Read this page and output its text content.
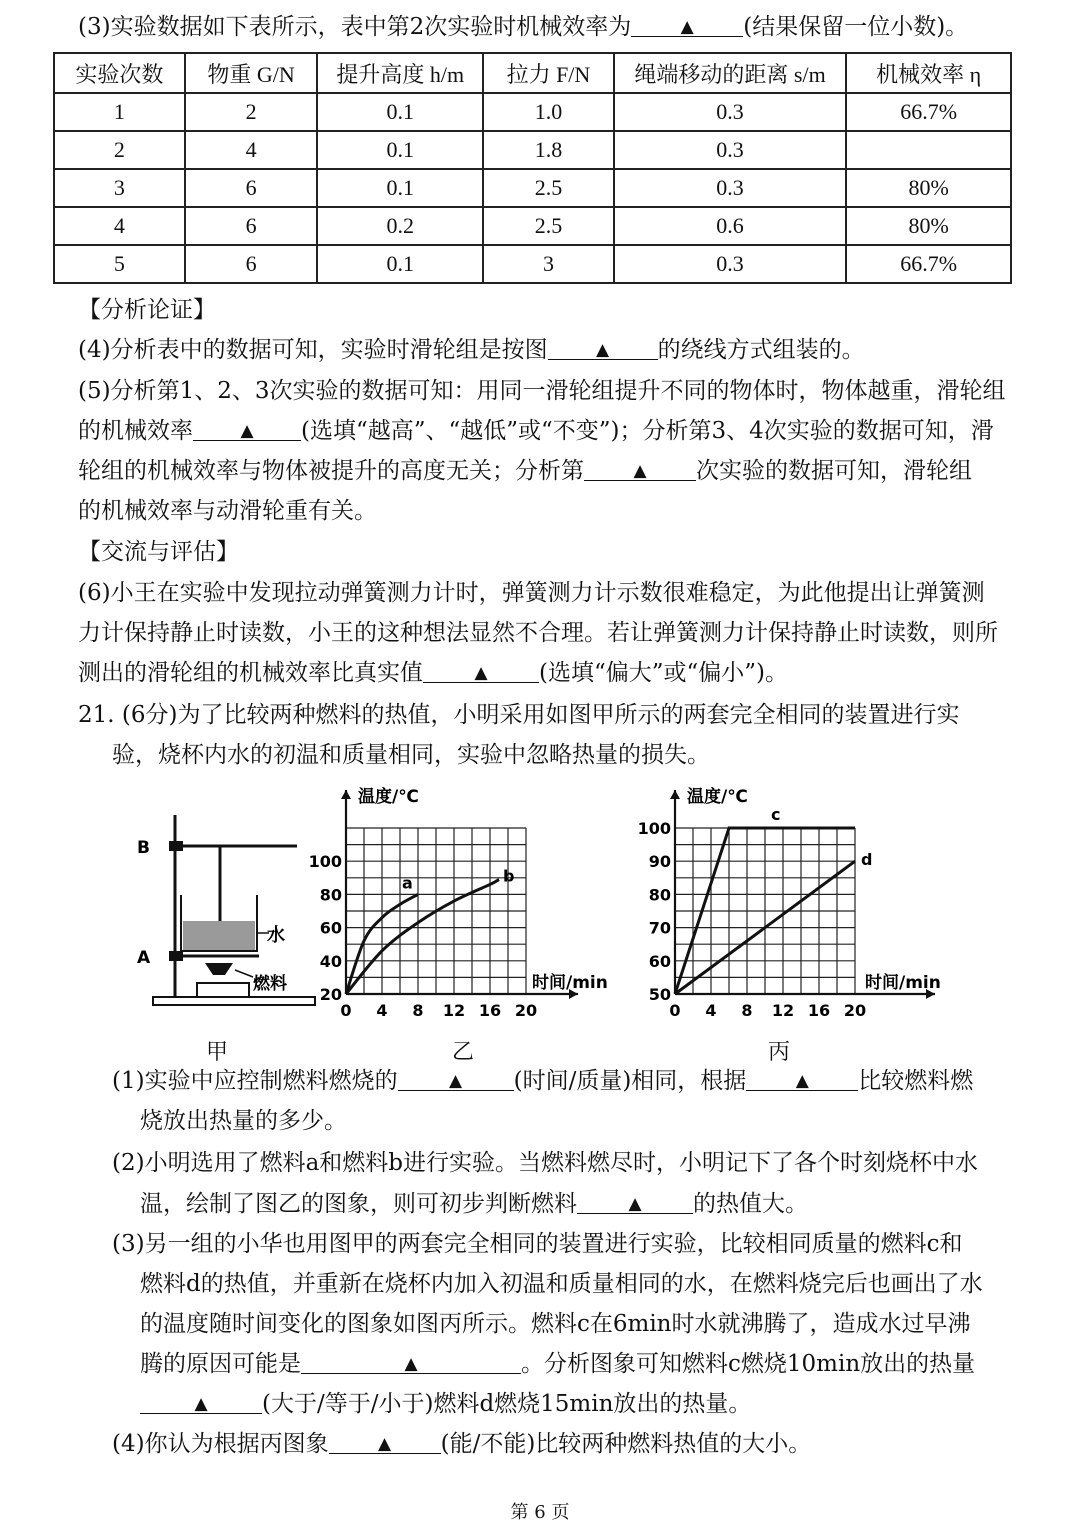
(3)实验数据如下表所示，表中第2次实验时机械效率为	▲ (结果保留一位小数)。
实验次数	物重 G/N	提升高度 h/m	拉力 F/N	绳端移动的距离 s/m	机械效率 η
1	2	0.1	1.0	0.3	66.7%
2	4	0.1	1.8	0.3	
3	6	0.1	2.5	0.3	80%
4	6	0.2	2.5	0.6	80%
5	6	0.1	3	0.3	66.7%
【分析论证】
(4)分析表中的数据可知，实验时滑轮组是按图	▲ 的绕线方式组装的。
(5)分析第1、2、3次实验的数据可知：用同一滑轮组提升不同的物体时，物体越重，滑轮组
的机械效率	▲ (选填“越高”、“越低”或“不变”)；分析第3、4次实验的数据可知，滑
轮组的机械效率与物体被提升的高度无关；分析第	▲ 次实验的数据可知，滑轮组
的机械效率与动滑轮重有关。
【交流与评估】
(6)小王在实验中发现拉动弹簧测力计时，弹簧测力计示数很难稳定，为此他提出让弹簧测
力计保持静止时读数，小王的这种想法显然不合理。若让弹簧测力计保持静止时读数，则所
测出的滑轮组的机械效率比真实值	▲ (选填“偏大”或“偏小”)。
21. (6分)为了比较两种燃料的热值，小明采用如图甲所示的两套完全相同的装置进行实
验，烧杯内水的初温和质量相同，实验中忽略热量的损失。
B
水
A
燃料
甲
温度/℃
时间/min
0 4 8 12 16 20
20
40
60
80
100
a	b
乙
温度/℃
时间/min
0 4 8 12 16 20
50
60
70
80
90
100
c
d
丙
(1)实验中应控制燃料燃烧的	▲ (时间/质量)相同，根据	▲ 比较燃料燃
烧放出热量的多少。
(2)小明选用了燃料a和燃料b进行实验。当燃料燃尽时，小明记下了各个时刻烧杯中水
温，绘制了图乙的图象，则可初步判断燃料	▲ 的热值大。
(3)另一组的小华也用图甲的两套完全相同的装置进行实验，比较相同质量的燃料c和
燃料d的热值，并重新在烧杯内加入初温和质量相同的水，在燃料烧完后也画出了水
的温度随时间变化的图象如图丙所示。燃料c在6min时水就沸腾了，造成水过早沸
腾的原因可能是	▲	。分析图象可知燃料c燃烧10min放出的热量
▲ (大于/等于/小于)燃料d燃烧15min放出的热量。
(4)你认为根据丙图象	▲ (能/不能)比较两种燃料热值的大小。
第 6 页
